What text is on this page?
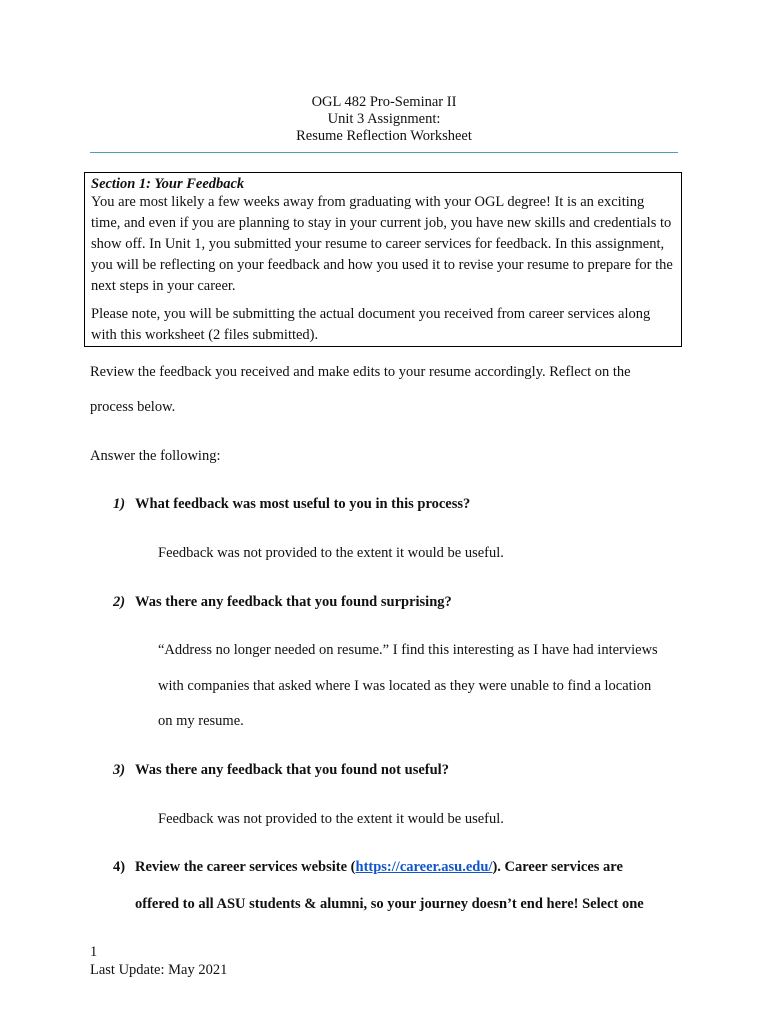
OGL 482 Pro-Seminar II
Unit 3 Assignment:
Resume Reflection Worksheet

Section 1: Your Feedback

You are most likely a few weeks away from graduating with your OGL degree! It is an exciting time, and even if you are planning to stay in your current job, you have new skills and credentials to show off. In Unit 1, you submitted your resume to career services for feedback. In this assignment, you will be reflecting on your feedback and how you used it to revise your resume to prepare for the next steps in your career.

Please note, you will be submitting the actual document you received from career services along with this worksheet (2 files submitted).

Review the feedback you received and make edits to your resume accordingly. Reflect on the
process below.
Answer the following:
1) What feedback was most useful to you in this process?
Feedback was not provided to the extent it would be useful.
2) Was there any feedback that you found surprising?
“Address no longer needed on resume.” I find this interesting as I have had interviews
with companies that asked where I was located as they were unable to find a location
on my resume.
3) Was there any feedback that you found not useful?
Feedback was not provided to the extent it would be useful.
4) Review the career services website (https://career.asu.edu/). Career services are
offered to all ASU students & alumni, so your journey doesn’t end here! Select one
1
Last Update: May 2021
